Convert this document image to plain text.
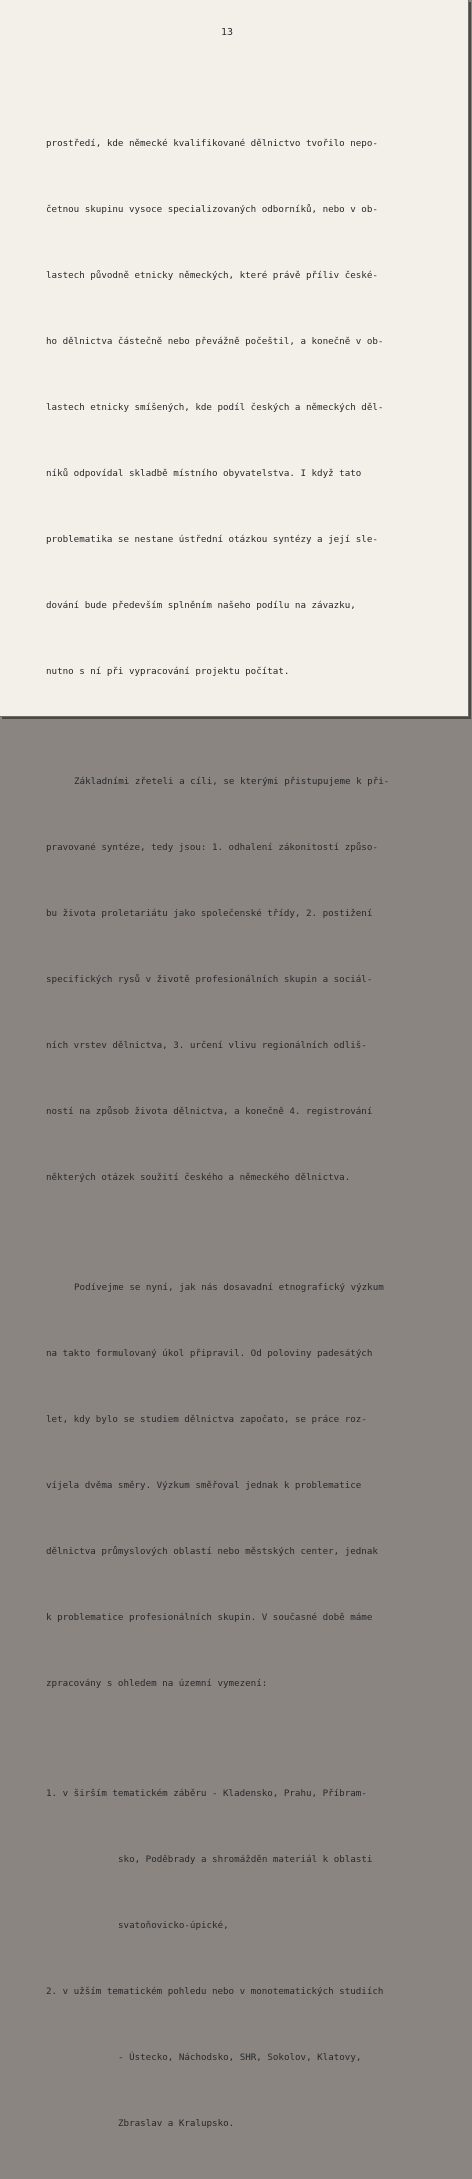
13

prostředí, kde německé kvalifikované dělnictvo tvořilo nepo-

četnou skupinu vysoce specializovaných odborníků, nebo v ob-

lastech původně etnicky německých, které právě příliv české-

ho dělnictva částečně nebo převážně počeštil, a konečně v ob-

lastech etnicky smíšených, kde podíl českých a německých děl-

níků odpovídal skladbě místního obyvatelstva. I když tato

problematika se nestane ústřední otázkou syntézy a její sle-

dování bude především splněním našeho podílu na závazku,

nutno s ní při vypracování projektu počítat.

Základními zřeteli a cíli, se kterými přistupujeme k při-

pravované syntéze, tedy jsou: 1. odhalení zákonitostí způso-

bu života proletariátu jako společenské třídy, 2. postižení

specifických rysů v životě profesionálních skupin a sociál-

ních vrstev dělnictva, 3. určení vlivu regionálních odliš-

ností na způsob života dělnictva, a konečně 4. registrování

některých otázek soužití českého a německého dělnictva.

Podívejme se nyní, jak nás dosavadní etnografický výzkum

na takto formulovaný úkol připravil. Od poloviny padesátých

let, kdy bylo se studiem dělnictva započato, se práce roz-

víjela dvěma směry. Výzkum směřoval jednak k problematice

dělnictva průmyslových oblastí nebo městských center, jednak

k problematice profesionálních skupin. V současné době máme

zpracovány s ohledem na územní vymezení:

1. v širším tematickém záběru - Kladensko, Prahu, Příbram-

sko, Poděbrady a shromážděn materiál k oblasti

svatoňovicko-úpické,

2. v užším tematickém pohledu nebo v monotematických studiích

- Ústecko, Náchodsko, SHR, Sokolov, Klatovy,

Zbraslav a Kralupsko.
